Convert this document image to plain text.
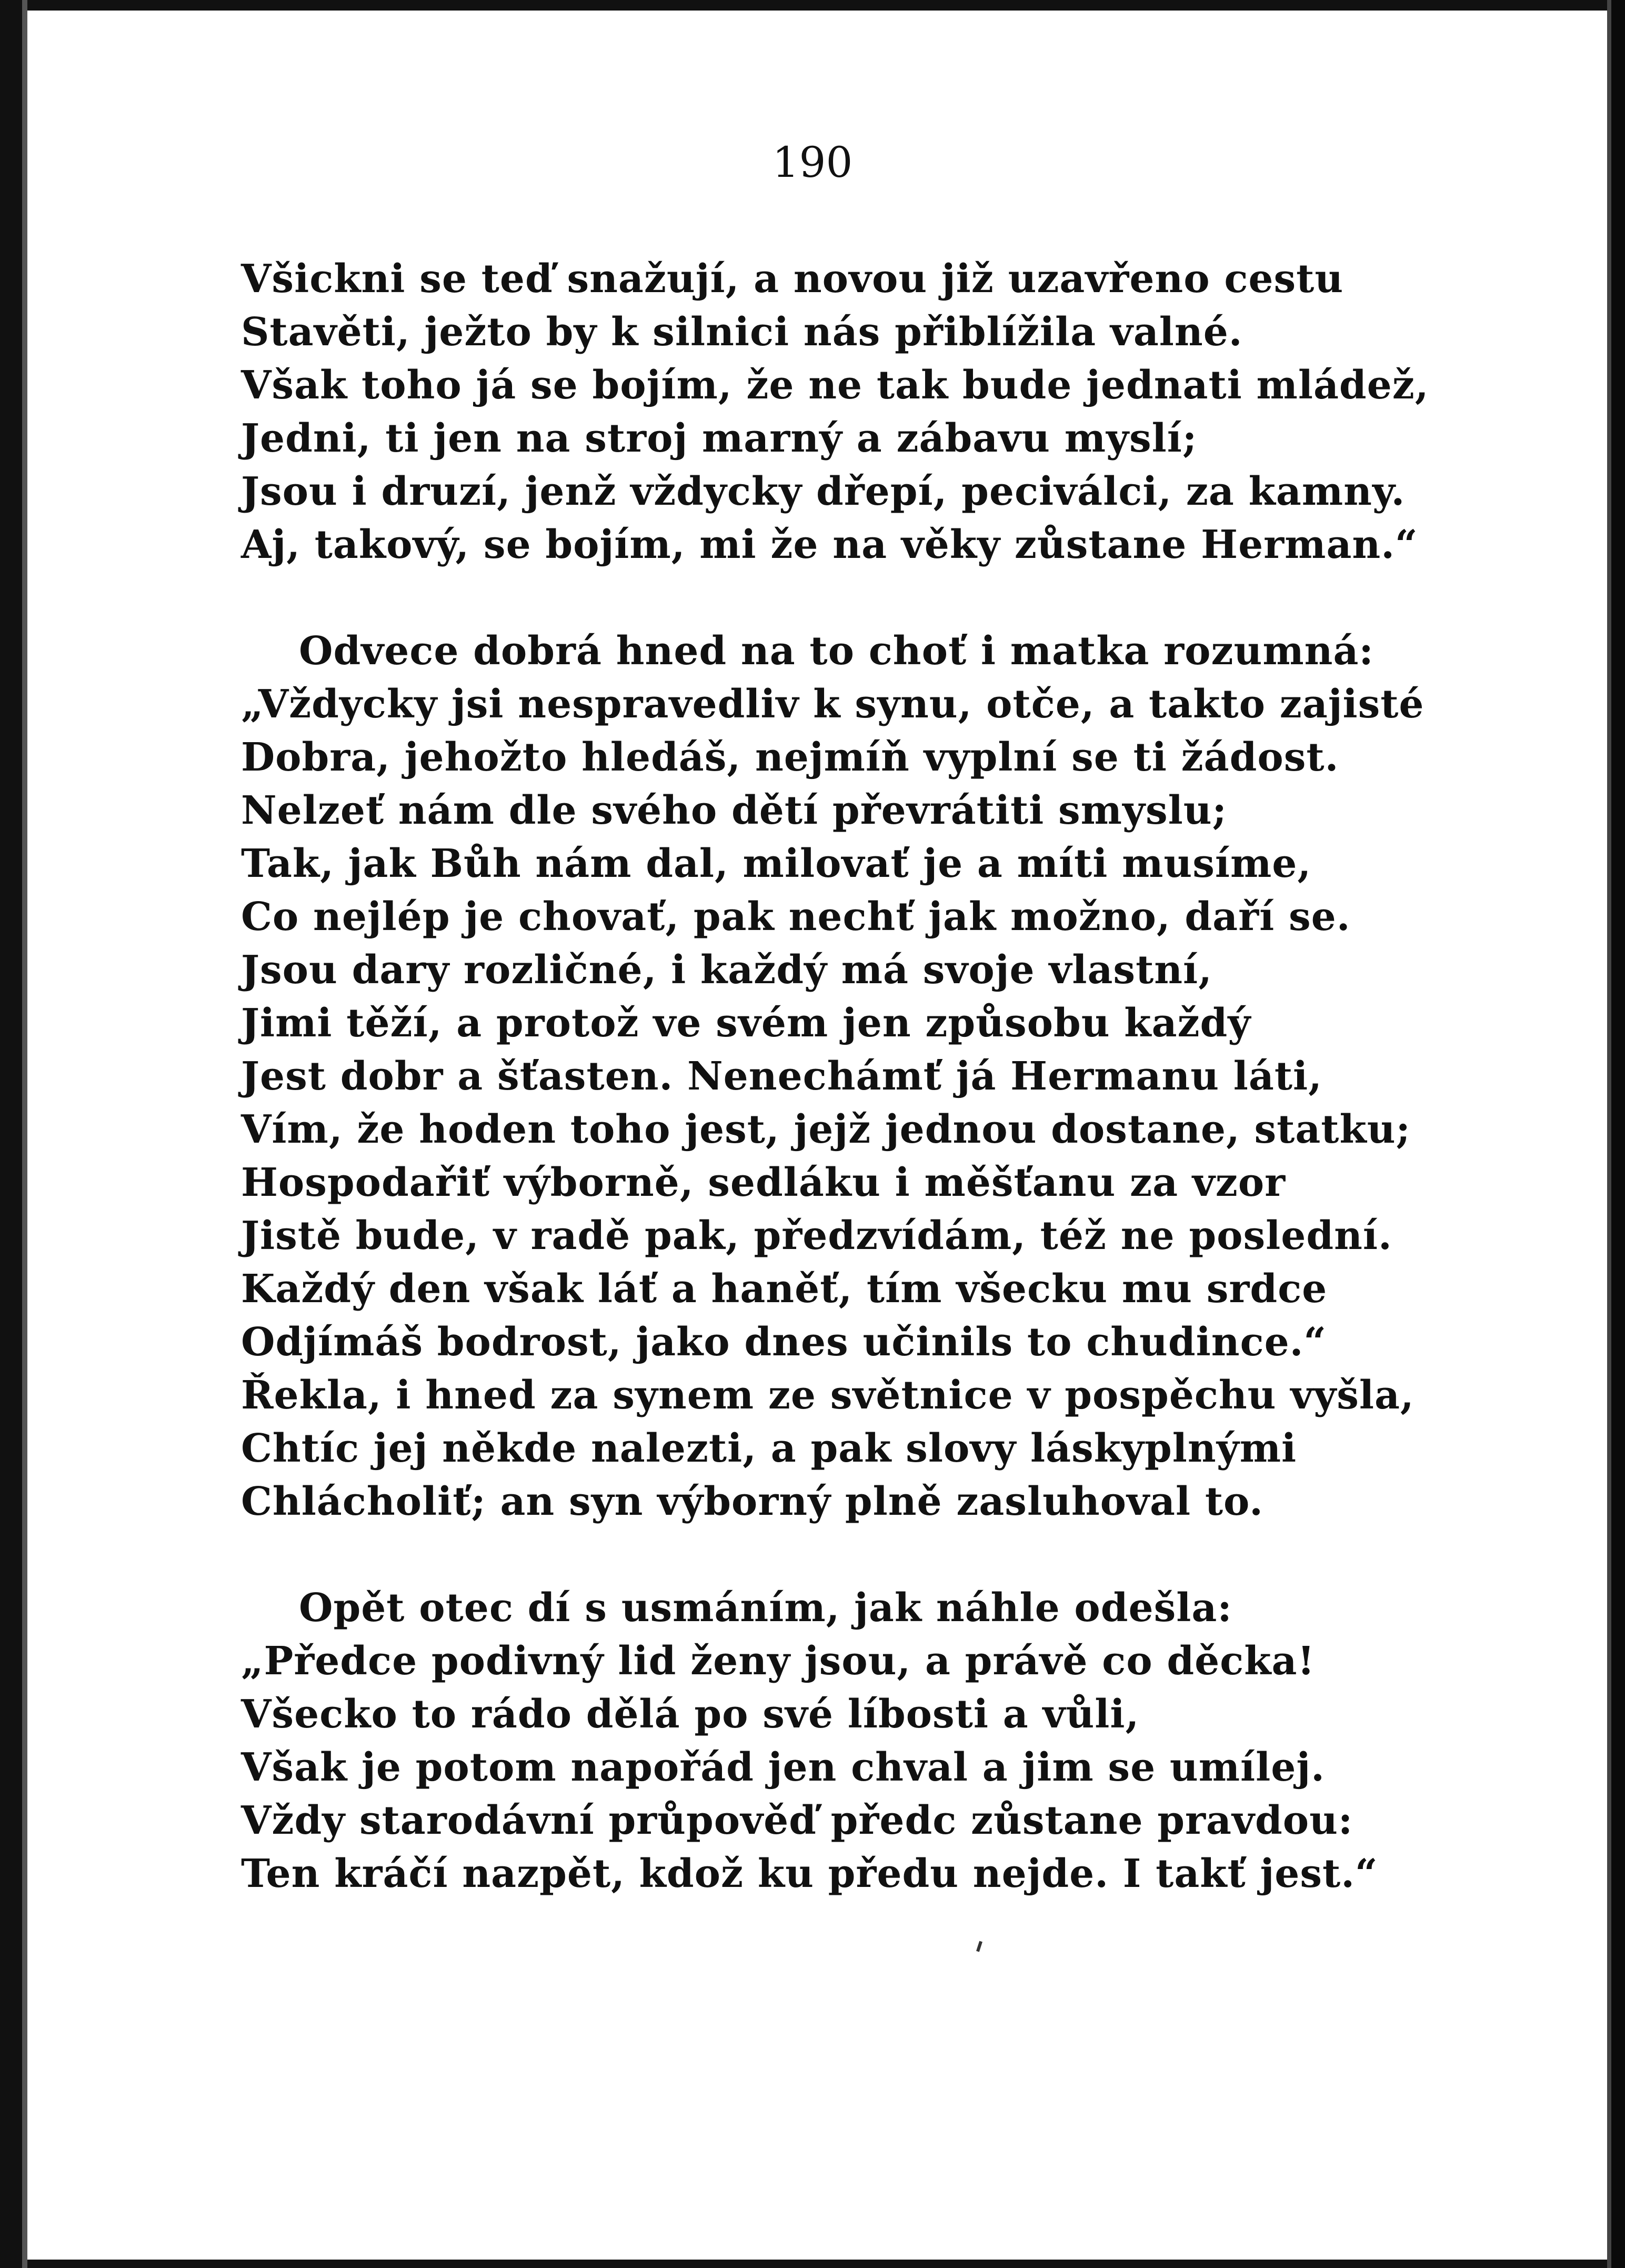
190
Všickni se teď snažují, a novou již uzavřeno cestu
Stavěti, ježto by k silnici nás přiblížila valné.
Však toho já se bojím, že ne tak bude jednati mládež,
Jedni, ti jen na stroj marný a zábavu myslí;
Jsou i druzí, jenž vždycky dřepí, peciválci, za kamny.
Aj, takový, se bojím, mi že na věky zůstane Herman.“
Odvece dobrá hned na to choť i matka rozumná:
„Vždycky jsi nespravedliv k synu, otče, a takto zajisté
Dobra, jehožto hledáš, nejmíň vyplní se ti žádost.
Nelzeť nám dle svého dětí převrátiti smyslu;
Tak, jak Bůh nám dal, milovať je a míti musíme,
Co nejlép je chovať, pak nechť jak možno, daří se.
Jsou dary rozličné, i každý má svoje vlastní,
Jimi těží, a protož ve svém jen způsobu každý
Jest dobr a šťasten. Nenechámť já Hermanu láti,
Vím, že hoden toho jest, jejž jednou dostane, statku;
Hospodařiť výborně, sedláku i měšťanu za vzor
Jistě bude, v radě pak, předzvídám, též ne poslední.
Každý den však láť a haněť, tím všecku mu srdce
Odjímáš bodrost, jako dnes učinils to chudince.“
Řekla, i hned za synem ze světnice v pospěchu vyšla,
Chtíc jej někde nalezti, a pak slovy láskyplnými
Chlácholiť; an syn výborný plně zasluhoval to.
Opět otec dí s usmáním, jak náhle odešla:
„Předce podivný lid ženy jsou, a právě co děcka!
Všecko to rádo dělá po své líbosti a vůli,
Však je potom napořád jen chval a jim se umílej.
Vždy starodávní průpověď předc zůstane pravdou:
Ten kráčí nazpět, kdož ku předu nejde. I takť jest.“
